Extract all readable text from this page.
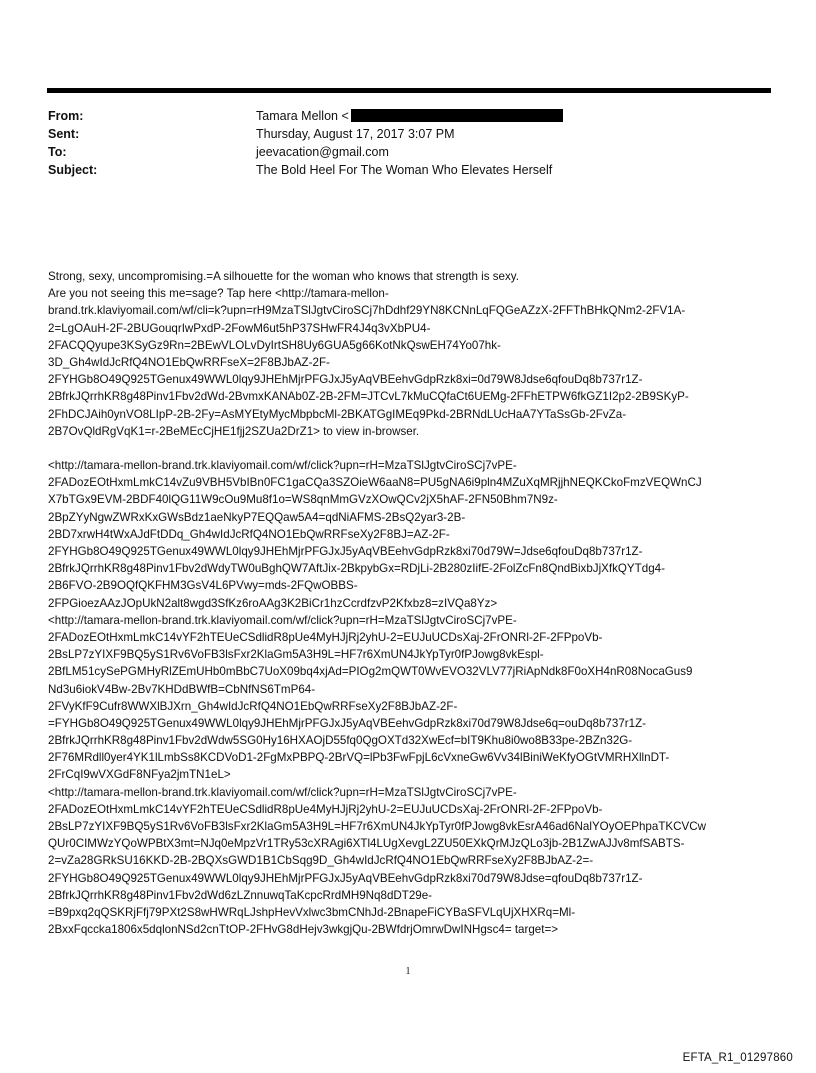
From:	Tamara Mellon <
Sent:	Thursday, August 17, 2017 3:07 PM
To:	jeevacation@gmail.com
Subject:	The Bold Heel For The Woman Who Elevates Herself
Strong, sexy, uncompromising.=A silhouette for the woman who knows that strength is sexy.
Are you not seeing this me=sage? Tap here <http://tamara-mellon-
brand.trk.klaviyomail.com/wf/cli=k?upn=rH9MzaTSlJgtvCiroSCj7hDdhf29YN8KCNnLqFQGeAZzX-2FFThBHkQNm2-2FV1A-
2=LgOAuH-2F-2BUGouqrIwPxdP-2FowM6ut5hP37SHwFR4J4q3vXbPU4-
2FACQQyupe3KSyGz9Rn=2BEwVLOLvDyIrtSH8Uy6GUA5g66KotNkQswEH74Yo07hk-
3D_Gh4wIdJcRfQ4NO1EbQwRRFseX=2F8BJbAZ-2F-
2FYHGb8O49Q925TGenux49WWL0lqy9JHEhMjrPFGJxJ5yAqVBEehvGdpRzk8xi=0d79W8Jdse6qfouDq8b737r1Z-
2BfrkJQrrhKR8g48Pinv1Fbv2dWd-2BvmxKANAb0Z-2B-2FM=JTCvL7kMuCQfaCt6UEMg-2FFhETPW6fkGZ1I2p2-2B9SKyP-
2FhDCJAih0ynVO8LIpP-2B-2Fy=AsMYEtyMycMbpbcMl-2BKATGgIMEq9Pkd-2BRNdLUcHaA7YTaSsGb-2FvZa-
2B7OvQldRgVqK1=r-2BeMEcCjHE1fjj2SZUa2DrZ1> to view in-browser.
<http://tamara-mellon-brand.trk.klaviyomail.com/wf/click?upn=rH=MzaTSlJgtvCiroSCj7vPE-
2FADozEOtHxmLmkC14vZu9VBH5VbIBn0FC1gaCQa3SZOieW6aaN8=PU5gNA6i9pln4MZuXqMRjjhNEQKCkoFmzVEQWnCJ
X7bTGx9EVM-2BDF40lQG11W9cOu9Mu8f1o=WS8qnMmGVzXOwQCv2jX5hAF-2FN50Bhm7N9z-
2BpZYyNgwZWRxKxGWsBdz1aeNkyP7EQQaw5A4=qdNiAFMS-2BsQ2yar3-2B-
2BD7xrwH4tWxAJdFtDDq_Gh4wIdJcRfQ4NO1EbQwRRFseXy2F8BJ=AZ-2F-
2FYHGb8O49Q925TGenux49WWL0lqy9JHEhMjrPFGJxJ5yAqVBEehvGdpRzk8xi70d79W=Jdse6qfouDq8b737r1Z-
2BfrkJQrrhKR8g48Pinv1Fbv2dWdyTW0uBghQW7AftJix-2BkpybGx=RDjLi-2B280zIifE-2FolZcFn8QndBixbJjXfkQYTdg4-
2B6FVO-2B9OQfQKFHM3GsV4L6PVwy=mds-2FQwOBBS-
2FPGioezAAzJOpUkN2alt8wgd3SfKz6roAAg3K2BiCr1hzCcrdfzvP2Kfxbz8=zIVQa8Yz>
<http://tamara-mellon-brand.trk.klaviyomail.com/wf/click?upn=rH=MzaTSlJgtvCiroSCj7vPE-
2FADozEOtHxmLmkC14vYF2hTEUeCSdlidR8pUe4MyHJjRj2yhU-2=EUJuUCDsXaj-2FrONRl-2F-2FPpoVb-
2BsLP7zYIXF9BQ5yS1Rv6VoFB3lsFxr2KlaGm5A3H9L=HF7r6XmUN4JkYpTyr0fPJowg8vkEspl-
2BfLM51cySePGMHyRlZEmUHb0mBbC7UoX09bq4xjAd=PIOg2mQWT0WvEVO32VLV77jRiApNdk8F0oXH4nR08NocaGus9
Nd3u6iokV4Bw-2Bv7KHDdBWfB=CbNfNS6TmP64-
2FVyKfF9Cufr8WWXlBJXrn_Gh4wIdJcRfQ4NO1EbQwRRFseXy2F8BJbAZ-2F-
=FYHGb8O49Q925TGenux49WWL0lqy9JHEhMjrPFGJxJ5yAqVBEehvGdpRzk8xi70d79W8Jdse6q=ouDq8b737r1Z-
2BfrkJQrrhKR8g48Pinv1Fbv2dWdw5SG0Hy16HXAOjD55fq0QgOXTd32XwEcf=bIT9Khu8i0wo8B33pe-2BZn32G-
2F76MRdll0yer4YK1lLmbSs8KCDVoD1-2FgMxPBPQ-2BrVQ=lPb3FwFpjL6cVxneGw6Vv34lBiniWeKfyOGtVMRHXllnDT-
2FrCqI9wVXGdF8NFya2jmTN1eL>
<http://tamara-mellon-brand.trk.klaviyomail.com/wf/click?upn=rH=MzaTSlJgtvCiroSCj7vPE-
2FADozEOtHxmLmkC14vYF2hTEUeCSdlidR8pUe4MyHJjRj2yhU-2=EUJuUCDsXaj-2FrONRl-2F-2FPpoVb-
2BsLP7zYIXF9BQ5yS1Rv6VoFB3lsFxr2KlaGm5A3H9L=HF7r6XmUN4JkYpTyr0fPJowg8vkEsrA46ad6NalYOyOEPhpaTKCVCw
QUr0CIMWzYQoWPBtX3mt=NJq0eMpzVr1TRy53cXRAgi6XTl4LUgXevgL2ZU50EXkQrMJzQLo3jb-2B1ZwAJJv8mfSABTS-
2=vZa28GRkSU16KKD-2B-2BQXsGWD1B1CbSqg9D_Gh4wIdJcRfQ4NO1EbQwRRFseXy2F8BJbAZ-2=-
2FYHGb8O49Q925TGenux49WWL0lqy9JHEhMjrPFGJxJ5yAqVBEehvGdpRzk8xi70d79W8Jdse=qfouDq8b737r1Z-
2BfrkJQrrhKR8g48Pinv1Fbv2dWd6zLZnnuwqTaKcpcRrdMH9Nq8dDT29e-
=B9pxq2qQSKRjFfj79PXt2S8wHWRqLJshpHevVxlwc3bmCNhJd-2BnapeFiCYBaSFVLqUjXHXRq=Ml-
2BxxFqccka1806x5dqlonNSd2cnTtOP-2FHvG8dHejv3wkgjQu-2BWfdrjOmrwDwINHgsc4= target=>
1
EFTA_R1_01297860
